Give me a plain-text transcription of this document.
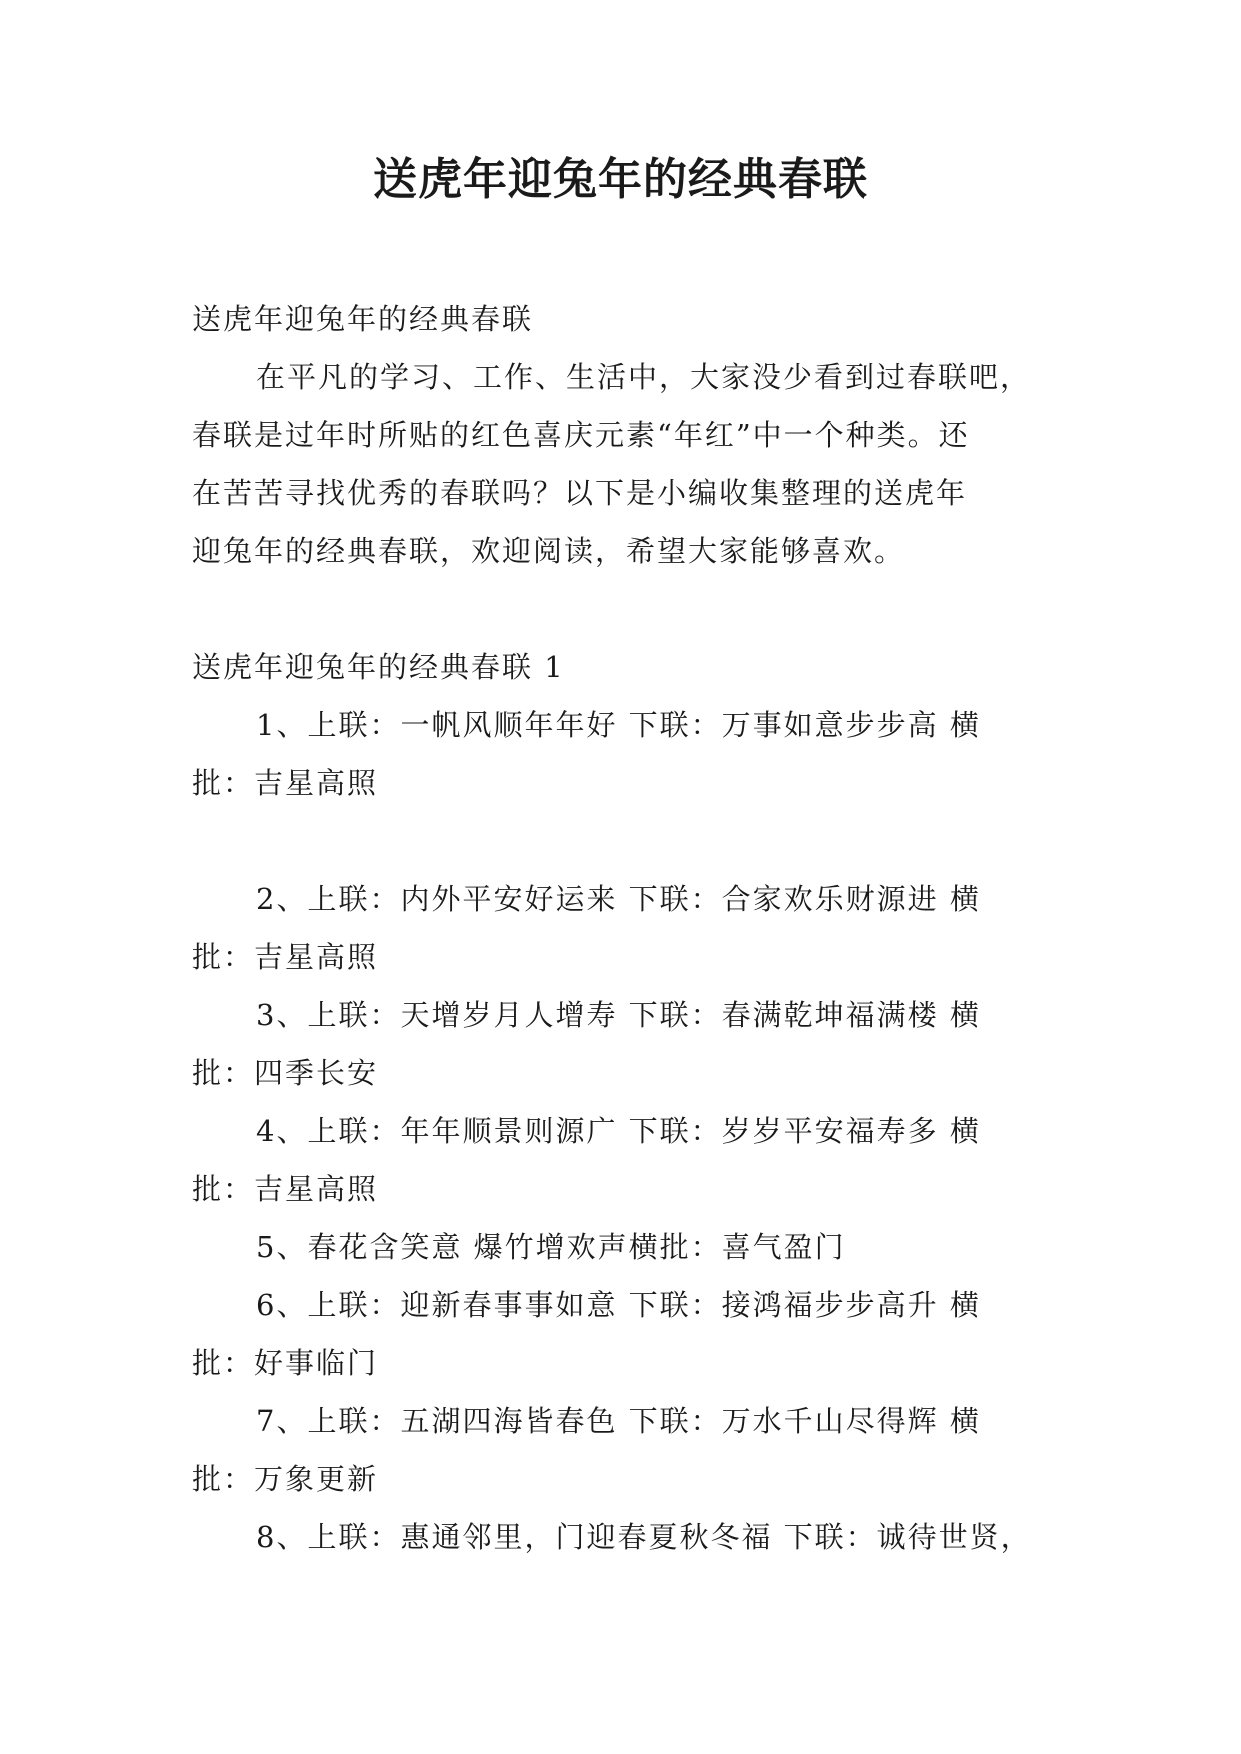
送虎年迎兔年的经典春联

送虎年迎兔年的经典春联

在平凡的学习、工作、生活中，大家没少看到过春联吧，

春联是过年时所贴的红色喜庆元素“年红”中一个种类。还

在苦苦寻找优秀的春联吗？以下是小编收集整理的送虎年

迎兔年的经典春联，欢迎阅读，希望大家能够喜欢。

送虎年迎兔年的经典春联 1

1、上联：一帆风顺年年好 下联：万事如意步步高 横

批：吉星高照

2、上联：内外平安好运来 下联：合家欢乐财源进 横

批：吉星高照

3、上联：天增岁月人增寿 下联：春满乾坤福满楼 横

批：四季长安

4、上联：年年顺景则源广 下联：岁岁平安福寿多 横

批：吉星高照

5、春花含笑意 爆竹增欢声横批：喜气盈门

6、上联：迎新春事事如意 下联：接鸿福步步高升 横

批：好事临门

7、上联：五湖四海皆春色 下联：万水千山尽得辉 横

批：万象更新

8、上联：惠通邻里，门迎春夏秋冬福 下联：诚待世贤，
